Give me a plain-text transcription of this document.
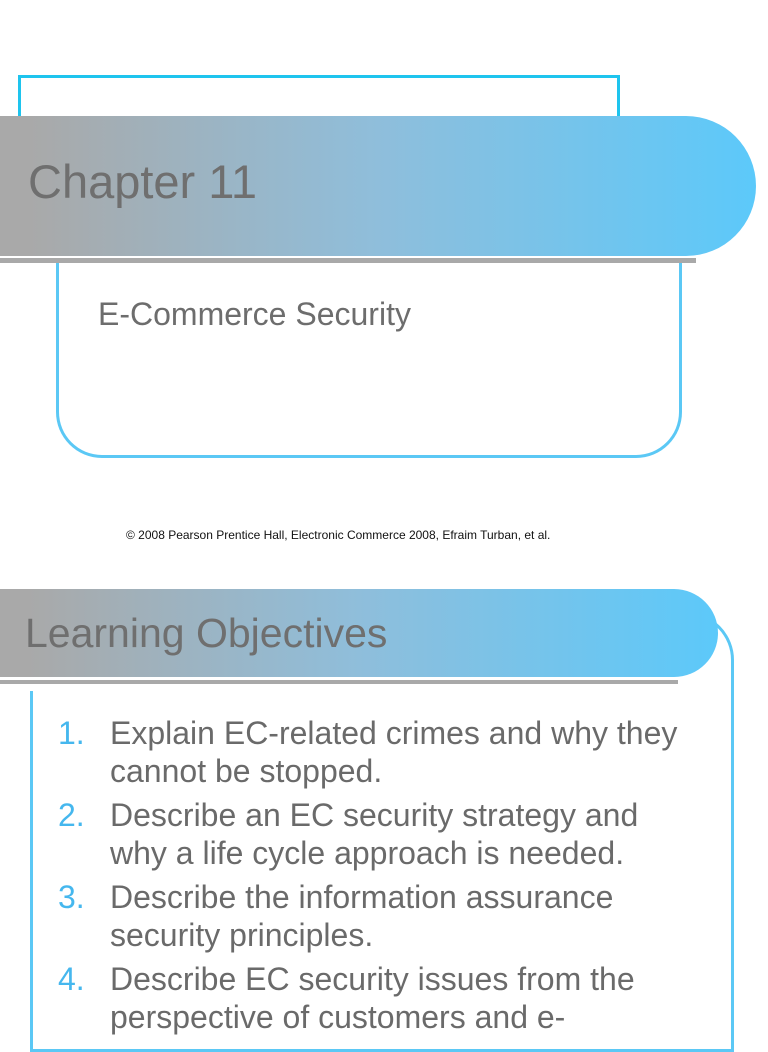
Chapter 11
E-Commerce Security
© 2008 Pearson Prentice Hall, Electronic Commerce 2008, Efraim Turban, et al.
Learning Objectives
1. Explain EC-related crimes and why they cannot be stopped.
2. Describe an EC security strategy and why a life cycle approach is needed.
3. Describe the information assurance security principles.
4. Describe EC security issues from the perspective of customers and e-
